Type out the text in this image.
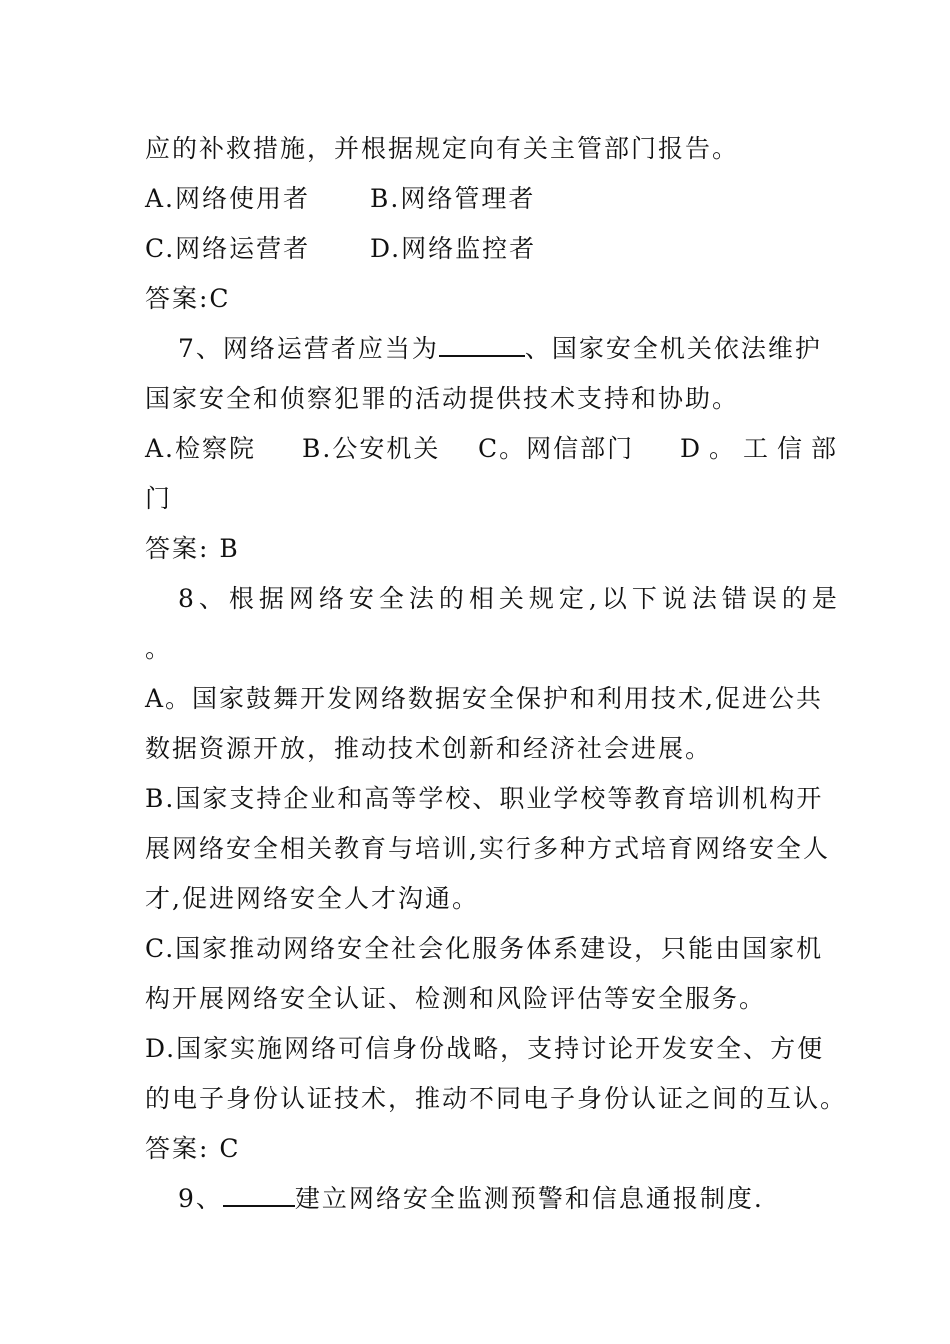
应的补救措施，并根据规定向有关主管部门报告。
A.网络使用者 B.网络管理者
C.网络运营者 D.网络监控者
答案:C
7、网络运营者应当为	、国家安全机关依法维护
国家安全和侦察犯罪的活动提供技术支持和协助。
A.检察院 B.公安机关 C。网信部门 D。工信部
门
答案: B
8、根据网络安全法的相关规定,以下说法错误的是
。
A。国家鼓舞开发网络数据安全保护和利用技术,促进公共
数据资源开放，推动技术创新和经济社会进展。
B.国家支持企业和高等学校、职业学校等教育培训机构开
展网络安全相关教育与培训,实行多种方式培育网络安全人
才,促进网络安全人才沟通。
C.国家推动网络安全社会化服务体系建设，只能由国家机
构开展网络安全认证、检测和风险评估等安全服务。
D.国家实施网络可信身份战略，支持讨论开发安全、方便
的电子身份认证技术，推动不同电子身份认证之间的互认。
答案: C
9、	建立网络安全监测预警和信息通报制度.
